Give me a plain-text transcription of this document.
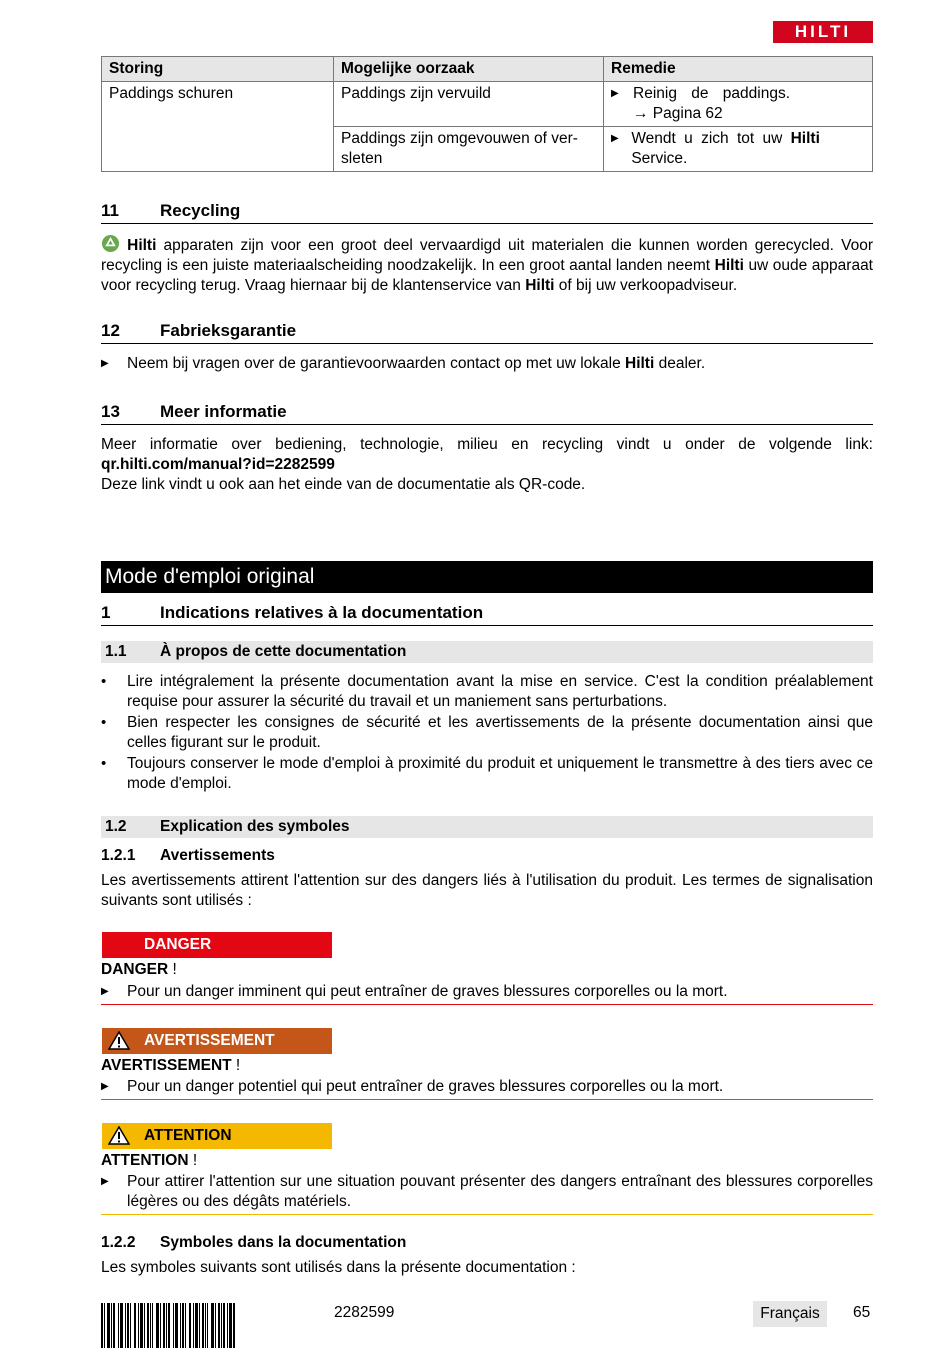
HILTI
Storing	Mogelijke oorzaak	Remedie
Paddings schuren	Paddings zijn vervuild	▶ Reinig de paddings.
→ Pagina 62

	Paddings zijn omgevouwen of ver-sleten	▶ Wendt u zich tot uw Hilti Service.
11 Recycling

Hilti apparaten zijn voor een groot deel vervaardigd uit materialen die kunnen worden gerecycled. Voor recycling is een juiste materiaalscheiding noodzakelijk. In een groot aantal landen neemt Hilti uw oude apparaat voor recycling terug. Vraag hiernaar bij de klantenservice van Hilti of bij uw verkoopadviseur.

12 Fabrieksgarantie
▶	Neem bij vragen over de garantievoorwaarden contact op met uw lokale Hilti dealer.
13 Meer informatie

Meer informatie over bediening, technologie, milieu en recycling vindt u onder de volgende link: qr.hilti.com/manual?id=2282599
Deze link vindt u ook aan het einde van de documentatie als QR-code.

Mode d'emploi original
1	Indications relatives à la documentation
1.1 À propos de cette documentation
•	Lire intégralement la présente documentation avant la mise en service. C'est la condition préalablement requise pour assurer la sécurité du travail et un maniement sans perturbations.
•	Bien respecter les consignes de sécurité et les avertissements de la présente documentation ainsi que celles figurant sur le produit.
•	Toujours conserver le mode d'emploi à proximité du produit et uniquement le transmettre à des tiers avec ce mode d'emploi.
1.2 Explication des symboles
1.2.1 Avertissements

Les avertissements attirent l'attention sur des dangers liés à l'utilisation du produit. Les termes de signalisation suivants sont utilisés :

DANGER
DANGER !
▶	Pour un danger imminent qui peut entraîner de graves blessures corporelles ou la mort.
AVERTISSEMENT
AVERTISSEMENT !
▶	Pour un danger potentiel qui peut entraîner de graves blessures corporelles ou la mort.
ATTENTION
ATTENTION !
▶	Pour attirer l'attention sur une situation pouvant présenter des dangers entraînant des blessures corporelles légères ou des dégâts matériels.
1.2.2 Symboles dans la documentation

Les symboles suivants sont utilisés dans la présente documentation :

2282599	Français	65
